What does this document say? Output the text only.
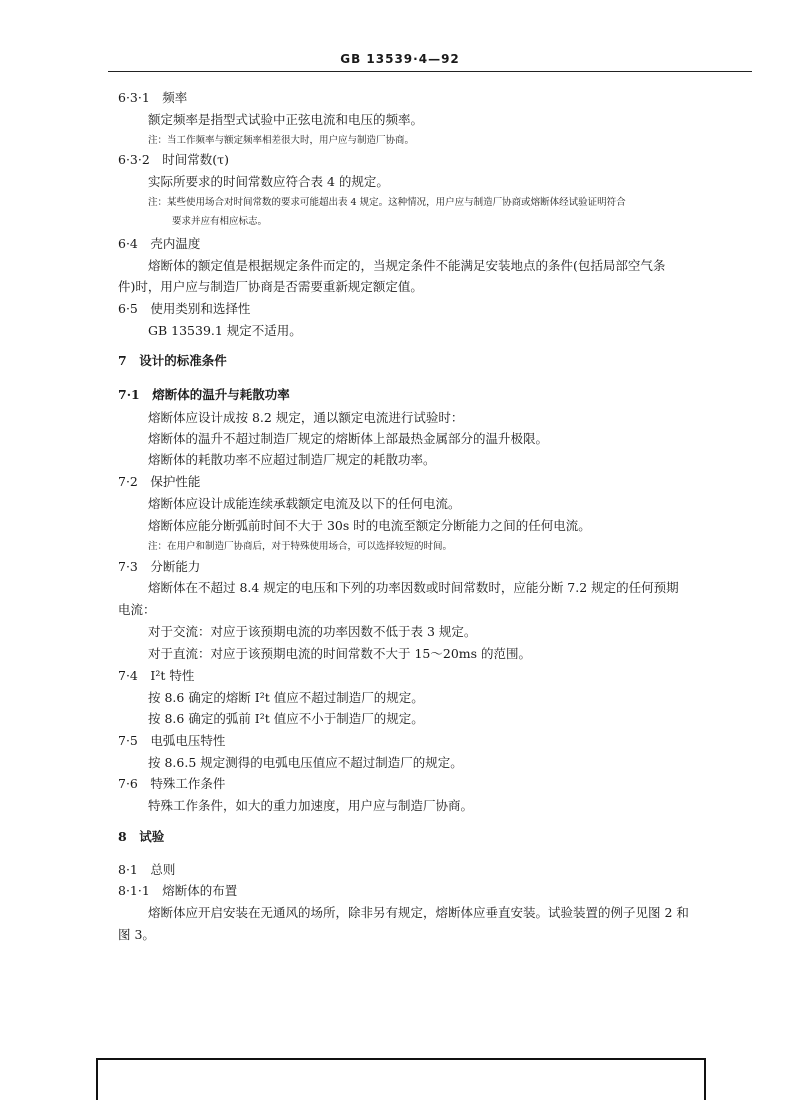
GB 13539·4—92
6·3·1　频率
额定频率是指型式试验中正弦电流和电压的频率。
注：当工作频率与额定频率相差很大时，用户应与制造厂协商。
6·3·2　时间常数(τ)
实际所要求的时间常数应符合表 4 的规定。
注：某些使用场合对时间常数的要求可能超出表 4 规定。这种情况，用户应与制造厂协商或熔断体经试验证明符合
要求并应有相应标志。
6·4　壳内温度
熔断体的额定值是根据规定条件而定的，当规定条件不能满足安装地点的条件(包括局部空气条
件)时，用户应与制造厂协商是否需要重新规定额定值。
6·5　使用类别和选择性
GB 13539.1 规定不适用。
7　设计的标准条件
7·1　熔断体的温升与耗散功率
熔断体应设计成按 8.2 规定，通以额定电流进行试验时：
熔断体的温升不超过制造厂规定的熔断体上部最热金属部分的温升极限。
熔断体的耗散功率不应超过制造厂规定的耗散功率。
7·2　保护性能
熔断体应设计成能连续承载额定电流及以下的任何电流。
熔断体应能分断弧前时间不大于 30s 时的电流至额定分断能力之间的任何电流。
注：在用户和制造厂协商后，对于特殊使用场合，可以选择较短的时间。
7·3　分断能力
熔断体在不超过 8.4 规定的电压和下列的功率因数或时间常数时，应能分断 7.2 规定的任何预期
电流：
对于交流：对应于该预期电流的功率因数不低于表 3 规定。
对于直流：对应于该预期电流的时间常数不大于 15～20ms 的范围。
7·4　I²t 特性
按 8.6 确定的熔断 I²t 值应不超过制造厂的规定。
按 8.6 确定的弧前 I²t 值应不小于制造厂的规定。
7·5　电弧电压特性
按 8.6.5 规定测得的电弧电压值应不超过制造厂的规定。
7·6　特殊工作条件
特殊工作条件，如大的重力加速度，用户应与制造厂协商。
8　试验
8·1　总则
8·1·1　熔断体的布置
熔断体应开启安装在无通风的场所，除非另有规定，熔断体应垂直安装。试验装置的例子见图 2 和
图 3。
